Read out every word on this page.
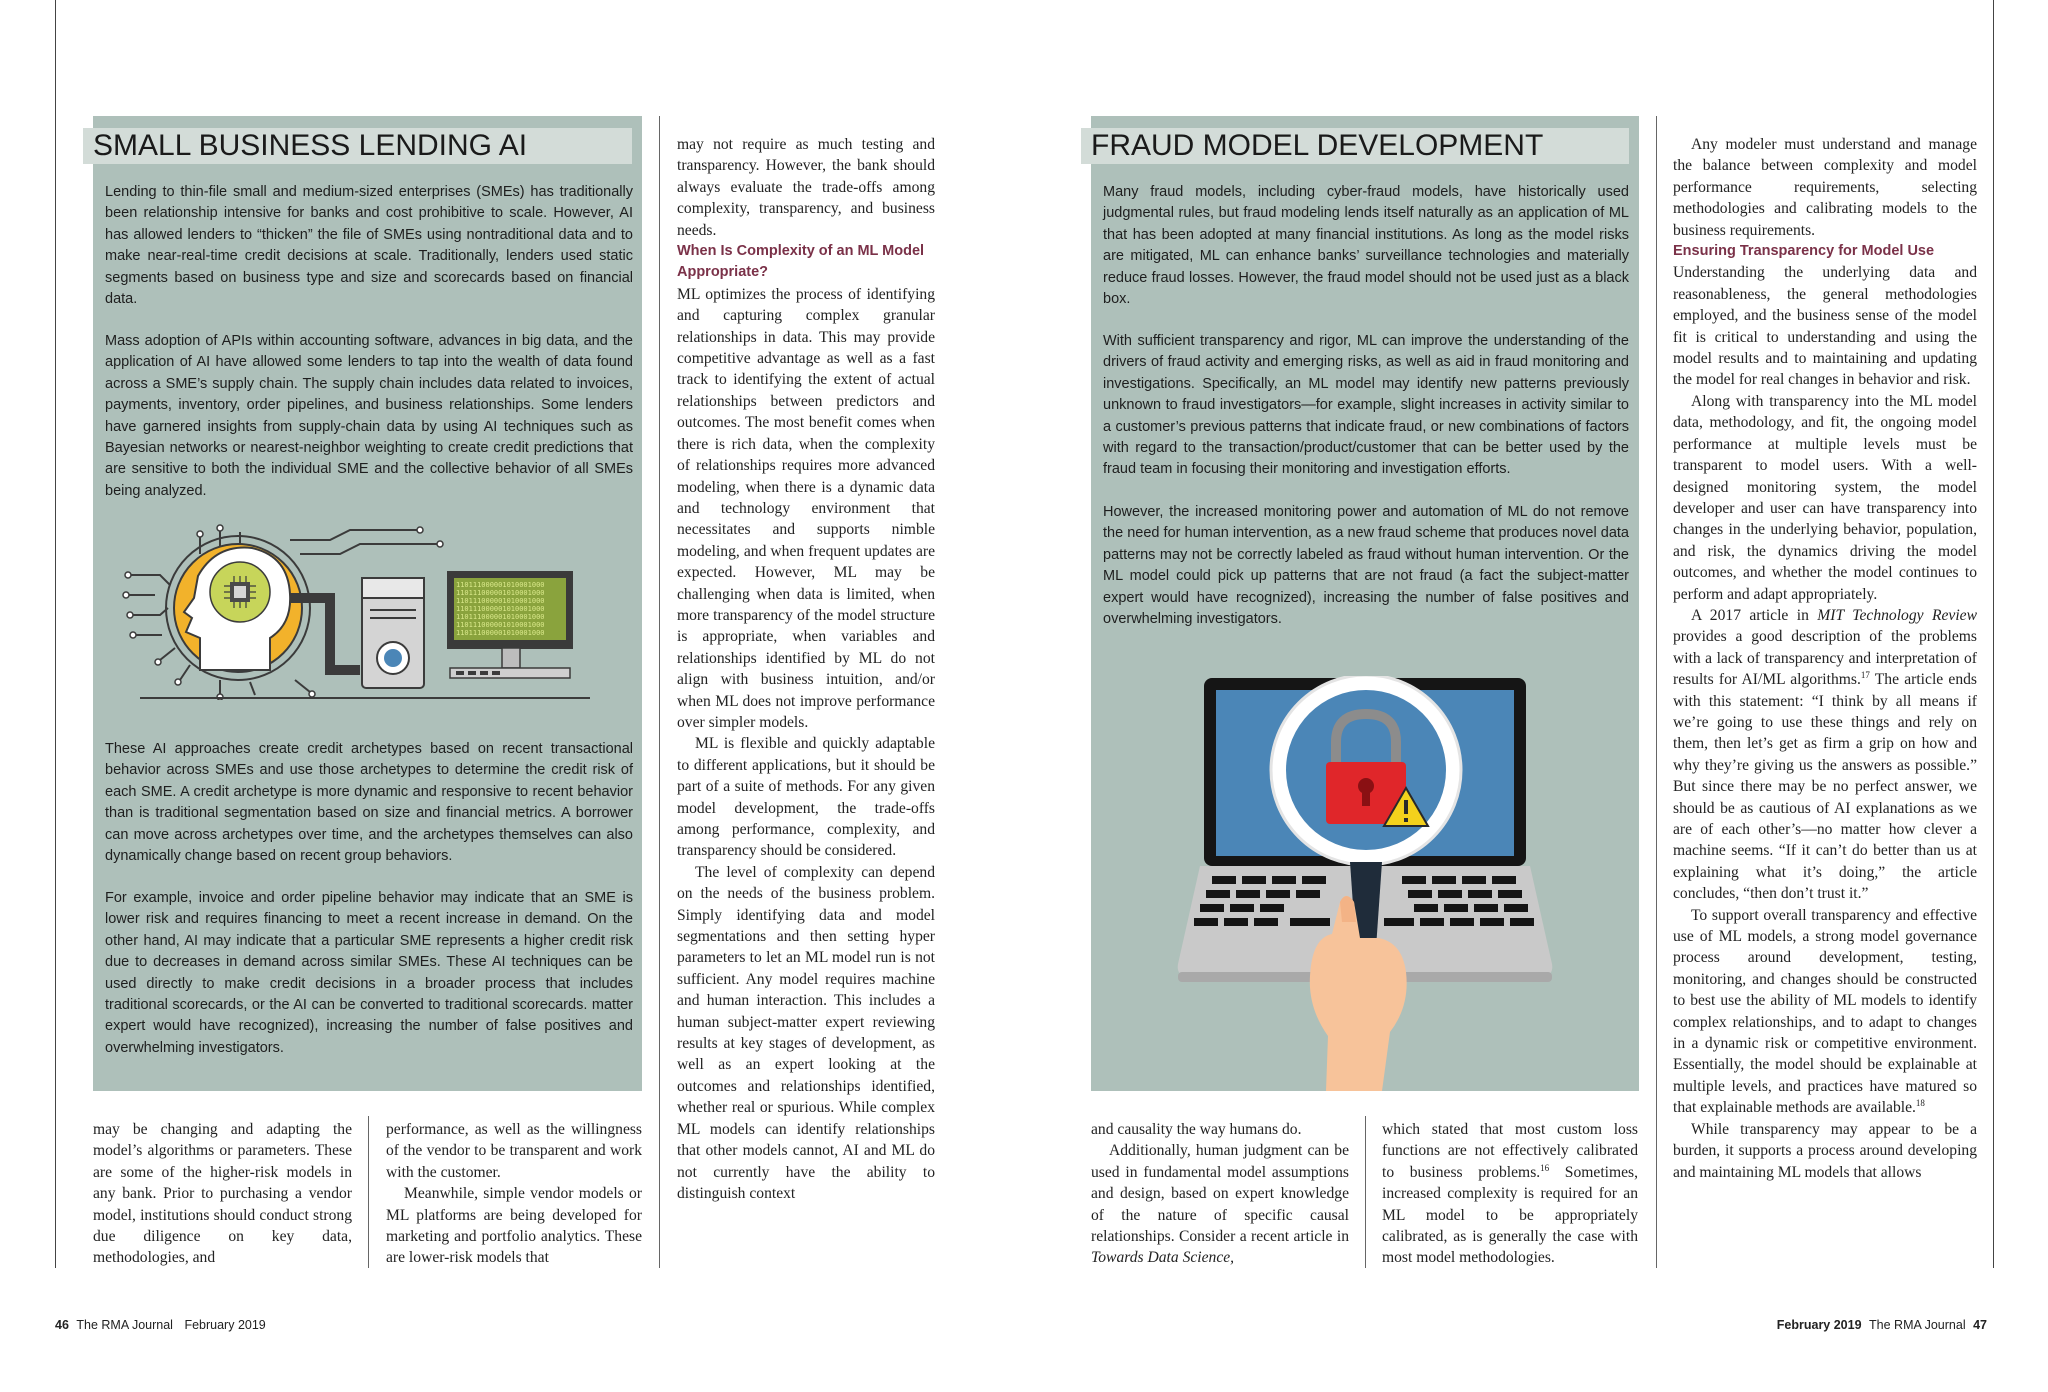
SMALL BUSINESS LENDING AI

Lending to thin-file small and medium-sized enterprises (SMEs) has traditionally been relationship intensive for banks and cost prohibitive to scale. However, AI has allowed lenders to “thicken” the file of SMEs using nontraditional data and to make near-real-time credit decisions at scale. Traditionally, lenders used static segments based on business type and size and scorecards based on financial data.

Mass adoption of APIs within accounting software, advances in big data, and the application of AI have allowed some lenders to tap into the wealth of data found across a SME’s supply chain. The supply chain includes data related to invoices, payments, inventory, order pipelines, and business relationships. Some lenders have garnered insights from supply-chain data by using AI techniques such as Bayesian networks or nearest-neighbor weighting to create credit predictions that are sensitive to both the individual SME and the collective behavior of all SMEs being analyzed.

110111000001010001000
110111000001010001000
110111000001010001000
110111000001010001000
110111000001010001000
110111000001010001000
110111000001010001000

These AI approaches create credit archetypes based on recent transactional behavior across SMEs and use those archetypes to determine the credit risk of each SME. A credit archetype is more dynamic and responsive to recent behavior than is traditional segmentation based on size and financial metrics. A borrower can move across archetypes over time, and the archetypes themselves can also dynamically change based on recent group behaviors.

For example, invoice and order pipeline behavior may indicate that an SME is lower risk and requires financing to meet a recent increase in demand. On the other hand, AI may indicate that a particular SME represents a higher credit risk due to decreases in demand across similar SMEs. These AI techniques can be used directly to make credit decisions in a broader process that includes traditional scorecards, or the AI can be converted to traditional scorecards. matter expert would have recognized), increasing the number of false positives and overwhelming investigators.

may be changing and adapting the model’s algorithms or parameters. These are some of the higher-risk models in any bank. Prior to purchasing a vendor model, institutions should conduct strong due diligence on key data, methodologies, and

performance, as well as the willingness of the vendor to be transparent and work with the customer.

Meanwhile, simple vendor models or ML platforms are being developed for marketing and portfolio analytics. These are lower-risk models that

may not require as much testing and transparency. However, the bank should always evaluate the trade-offs among complexity, transparency, and business needs.

When Is Complexity of an ML Model Appropriate?

ML optimizes the process of identifying and capturing complex granular relationships in data. This may provide competitive advantage as well as a fast track to identifying the extent of actual relationships between predictors and outcomes. The most benefit comes when there is rich data, when the complexity of relationships requires more advanced modeling, when there is a dynamic data and technology environment that necessitates and supports nimble modeling, and when frequent updates are expected. However, ML may be challenging when data is limited, when more transparency of the model structure is appropriate, when variables and relationships identified by ML do not align with business intuition, and/or when ML does not improve performance over simpler models.

ML is flexible and quickly adaptable to different applications, but it should be part of a suite of methods. For any given model development, the trade-offs among performance, complexity, and transparency should be considered.

The level of complexity can depend on the needs of the business problem. Simply identifying data and model segmentations and then setting hyper parameters to let an ML model run is not sufficient. Any model requires machine and human interaction. This includes a human subject-matter expert reviewing results at key stages of development, as well as an expert looking at the outcomes and relationships identified, whether real or spurious. While complex ML models can identify relationships that other models cannot, AI and ML do not currently have the ability to distinguish context

46 The RMA Journal February 2019
FRAUD MODEL DEVELOPMENT

Many fraud models, including cyber-fraud models, have historically used judgmental rules, but fraud modeling lends itself naturally as an application of ML that has been adopted at many financial institutions. As long as the model risks are mitigated, ML can enhance banks’ surveillance technologies and materially reduce fraud losses. However, the fraud model should not be used just as a black box.

With sufficient transparency and rigor, ML can improve the understanding of the drivers of fraud activity and emerging risks, as well as aid in fraud monitoring and investigations. Specifically, an ML model may identify new patterns previously unknown to fraud investigators—for example, slight increases in activity similar to a customer’s previous patterns that indicate fraud, or new combinations of factors with regard to the transaction/product/customer that can be better used by the fraud team in focusing their monitoring and investigation efforts.

However, the increased monitoring power and automation of ML do not remove the need for human intervention, as a new fraud scheme that produces novel data patterns may not be correctly labeled as fraud without human intervention. Or the ML model could pick up patterns that are not fraud (a fact the subject-matter expert would have recognized), increasing the number of false positives and overwhelming investigators.

and causality the way humans do.

Additionally, human judgment can be used in fundamental model assumptions and design, based on expert knowledge of the nature of specific causal relationships. Consider a recent article in Towards Data Science,

which stated that most custom loss functions are not effectively calibrated to business problems.$^{16}$ Sometimes, increased complexity is required for an ML model to be appropriately calibrated, as is generally the case with most model methodologies.

Any modeler must understand and manage the balance between complexity and model performance requirements, selecting methodologies and calibrating models to the business requirements.

Ensuring Transparency for Model Use

Understanding the underlying data and reasonableness, the general methodologies employed, and the business sense of the model fit is critical to understanding and using the model results and to maintaining and updating the model for real changes in behavior and risk.

Along with transparency into the ML model data, methodology, and fit, the ongoing model performance at multiple levels must be transparent to model users. With a well-designed monitoring system, the model developer and user can have transparency into changes in the underlying behavior, population, and risk, the dynamics driving the model outcomes, and whether the model continues to perform and adapt appropriately.

A 2017 article in MIT Technology Review provides a good description of the problems with a lack of transparency and interpretation of results for AI/ML algorithms.$^{17}$ The article ends with this statement: “I think by all means if we’re going to use these things and rely on them, then let’s get as firm a grip on how and why they’re giving us the answers as possible.” But since there may be no perfect answer, we should be as cautious of AI explanations as we are of each other’s—no matter how clever a machine seems. “If it can’t do better than us at explaining what it’s doing,” the article concludes, “then don’t trust it.”

To support overall transparency and effective use of ML models, a strong model governance process around development, testing, monitoring, and changes should be constructed to best use the ability of ML models to identify complex relationships, and to adapt to changes in a dynamic risk or competitive environment. Essentially, the model should be explainable at multiple levels, and practices have matured so that explainable methods are available.$^{18}$

While transparency may appear to be a burden, it supports a process around developing and maintaining ML models that allows

February 2019 The RMA Journal 47
